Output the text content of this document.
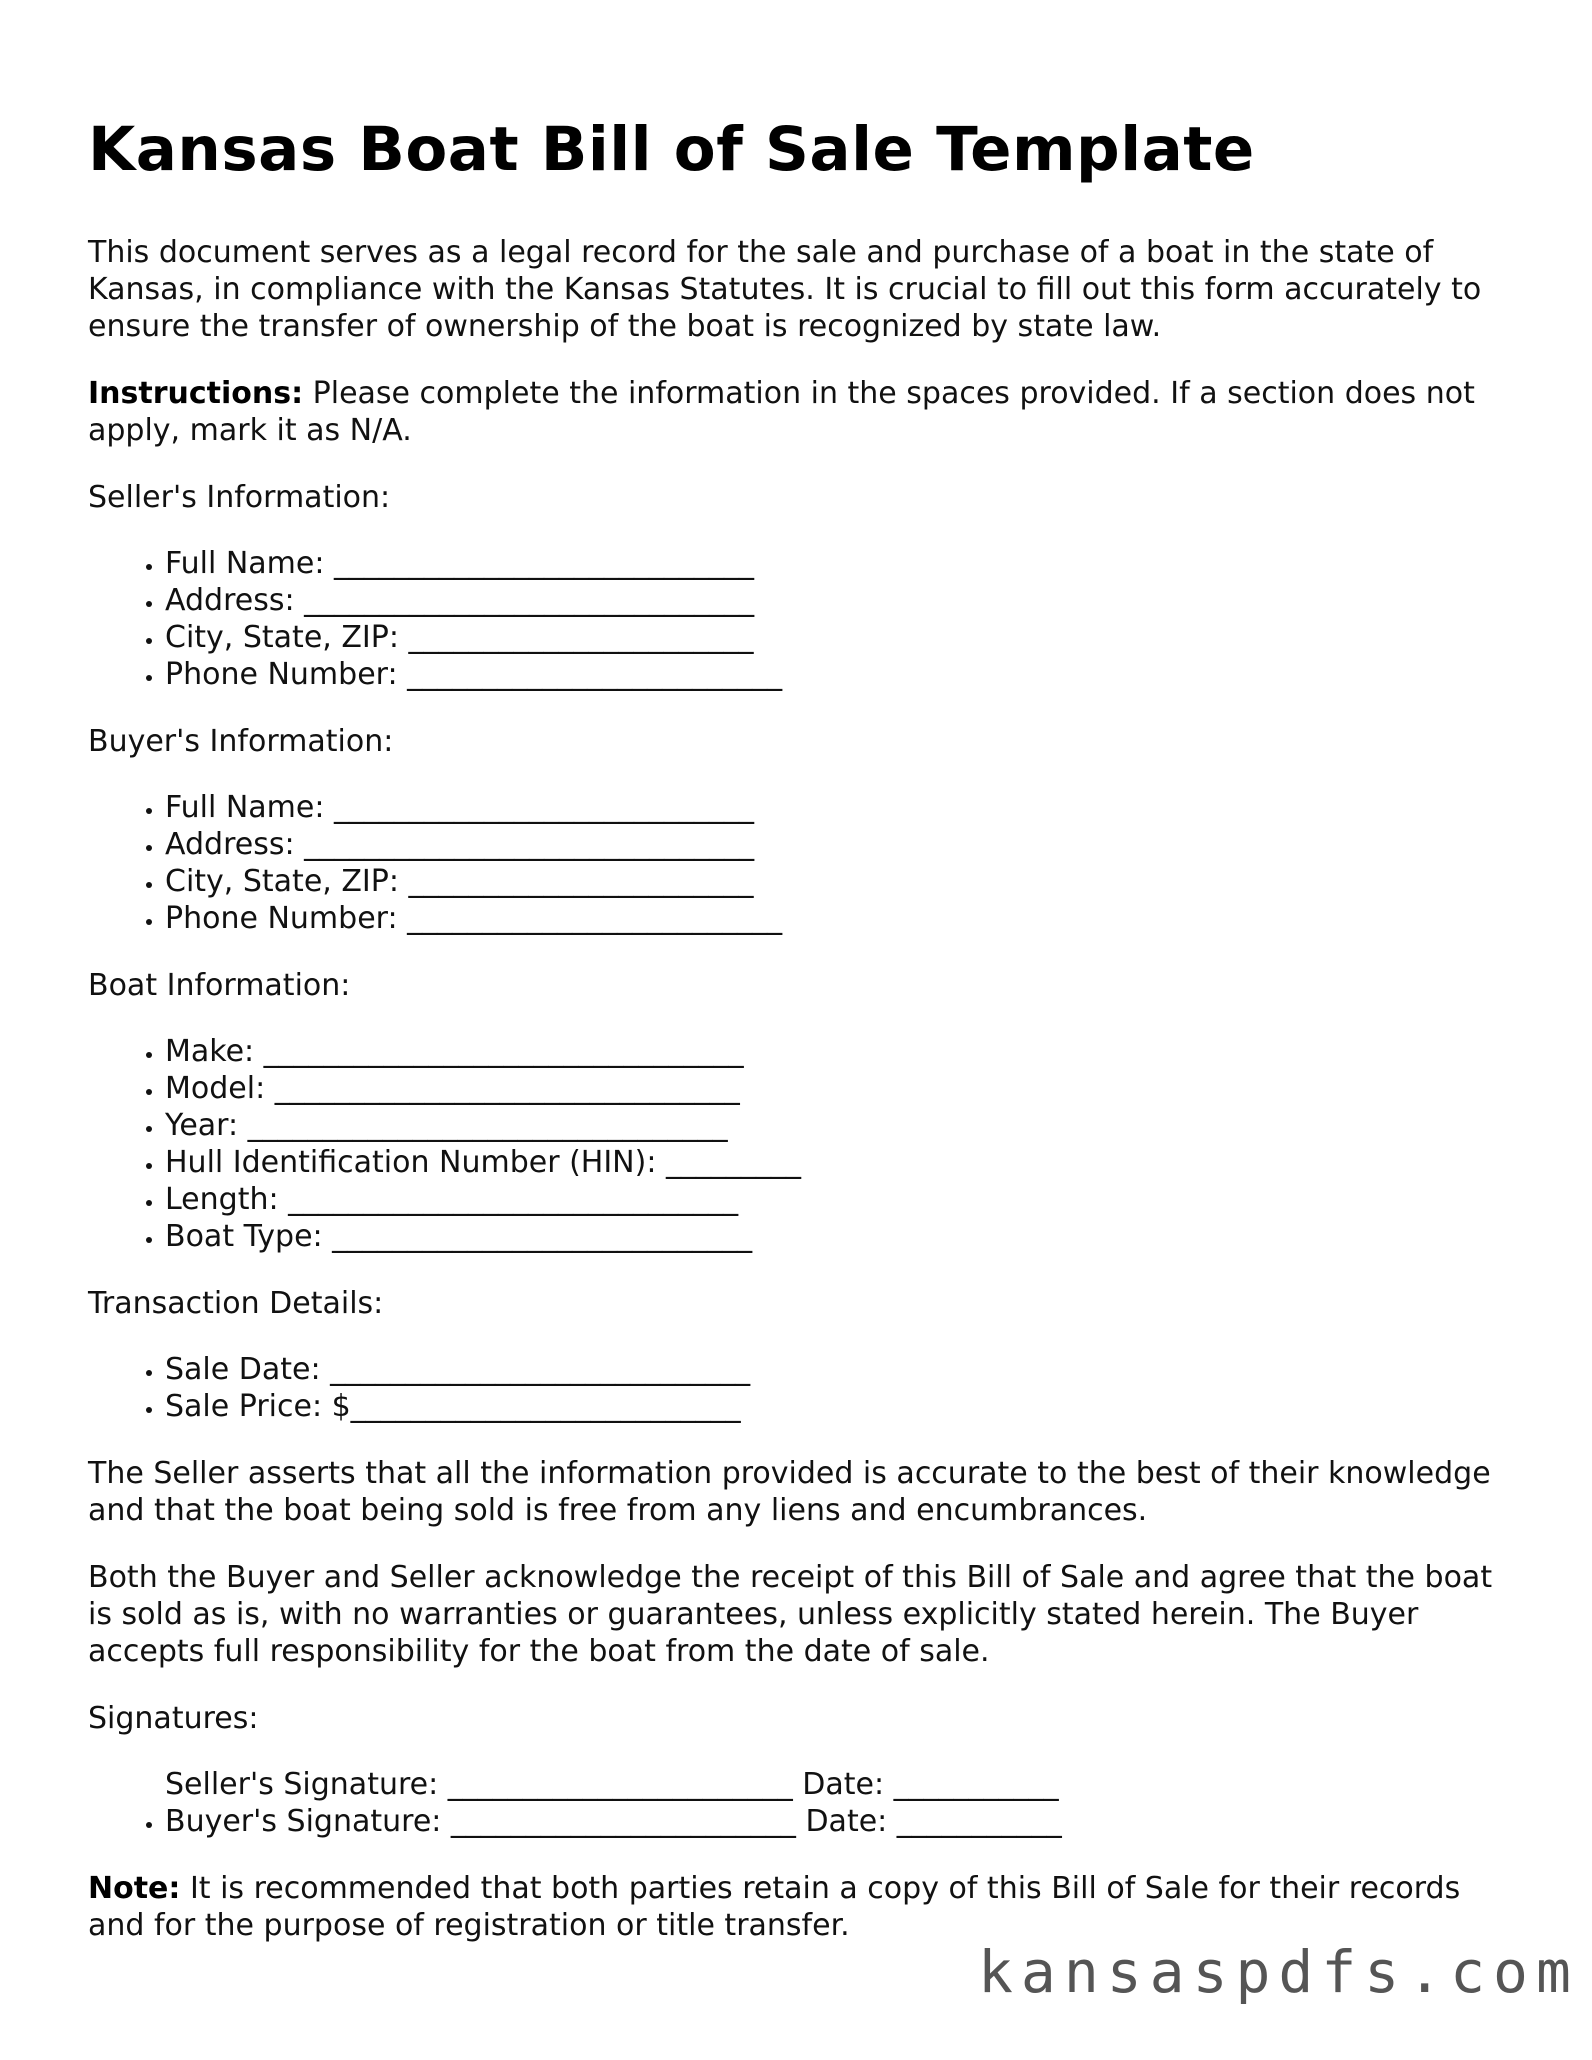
Kansas Boat Bill of Sale Template

This document serves as a legal record for the sale and purchase of a boat in the state of Kansas, in compliance with the Kansas Statutes. It is crucial to fill out this form accurately to ensure the transfer of ownership of the boat is recognized by state law.

Instructions: Please complete the information in the spaces provided. If a section does not apply, mark it as N/A.

Seller's Information:

• Full Name: ____________________________
• Address: ______________________________
• City, State, ZIP: _______________________
• Phone Number: _________________________

Buyer's Information:

• Full Name: ____________________________
• Address: ______________________________
• City, State, ZIP: _______________________
• Phone Number: _________________________

Boat Information:

• Make: ________________________________
• Model: _______________________________
• Year: ________________________________
• Hull Identification Number (HIN): _________
• Length: ______________________________
• Boat Type: ____________________________

Transaction Details:

• Sale Date: ____________________________
• Sale Price: $__________________________

The Seller asserts that all the information provided is accurate to the best of their knowledge and that the boat being sold is free from any liens and encumbrances.

Both the Buyer and Seller acknowledge the receipt of this Bill of Sale and agree that the boat is sold as is, with no warranties or guarantees, unless explicitly stated herein. The Buyer accepts full responsibility for the boat from the date of sale.

Signatures:

Seller's Signature: _______________________ Date: ___________
• Buyer's Signature: _______________________ Date: ___________

Note: It is recommended that both parties retain a copy of this Bill of Sale for their records and for the purpose of registration or title transfer.

kansaspdfs.com
